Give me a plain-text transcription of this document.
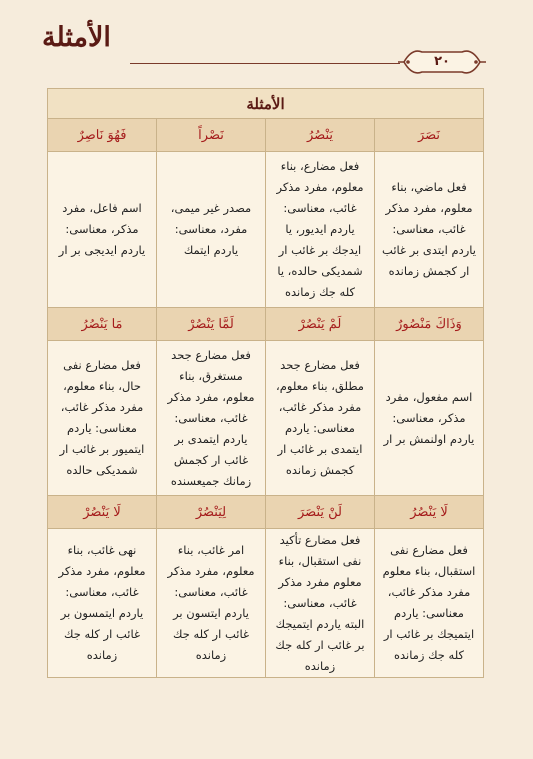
الأمثلة
٢٠
الأمثلة			
نَصَرَ	يَنْصُرُ	نَصْراً	فَهُوَ نَاصِرٌ
فعل ماضي، بناء معلوم، مفرد مذكر غائب، معناسی: یاردم ایتدی بر غائب ار کجمش زمانده	فعل مضارع، بناء معلوم، مفرد مذکر غائب، معناسی: یاردم ایدیور، یا ایدجك بر غائب ار شمدیکی حالده، یا کله جك زمانده	مصدر غیر میمی، مفرد، معناسی: یاردم ایتمك	اسم فاعل، مفرد مذكر، معناسی: یاردم ایدیجی بر ار
وَذَاكَ مَنْصُورٌ	لَمْ يَنْصُرْ	لَمَّا يَنْصُرْ	مَا يَنْصُرُ
اسم مفعول، مفرد مذكر، معناسی: یاردم اولنمش بر ار	فعل مضارع جحد مطلق، بناء معلوم، مفرد مذکر غائب، معناسی: یاردم ایتمدی بر غائب ار کجمش زمانده	فعل مضارع جحد مستغرق، بناء معلوم، مفرد مذکر غائب، معناسی: یاردم ایتمدی بر غائب ار کجمش زمانك جمیعسنده	فعل مضارع نفی حال، بناء معلوم، مفرد مذکر غائب، معناسی: یاردم ایتمیور بر غائب ار شمدیکی حالده
لَا يَنْصُرُ	لَنْ يَنْصَرَ	لِيَنْصُرْ	لَا يَنْصُرْ
فعل مضارع نفی استقبال، بناء معلوم مفرد مذکر غائب، معناسی: یاردم ایتمیجك بر غائب ار کله جك زمانده	فعل مضارع تأکید نفی استقبال، بناء معلوم مفرد مذکر غائب، معناسی: البته یاردم ایتمیجك بر غائب ار کله جك زمانده	امر غائب، بناء معلوم، مفرد مذکر غائب، معناسی: یاردم ایتسون بر غائب ار کله جك زمانده	نهی غائب، بناء معلوم، مفرد مذکر غائب، معناسی: یاردم ایتمسون بر غائب ار کله جك زمانده
